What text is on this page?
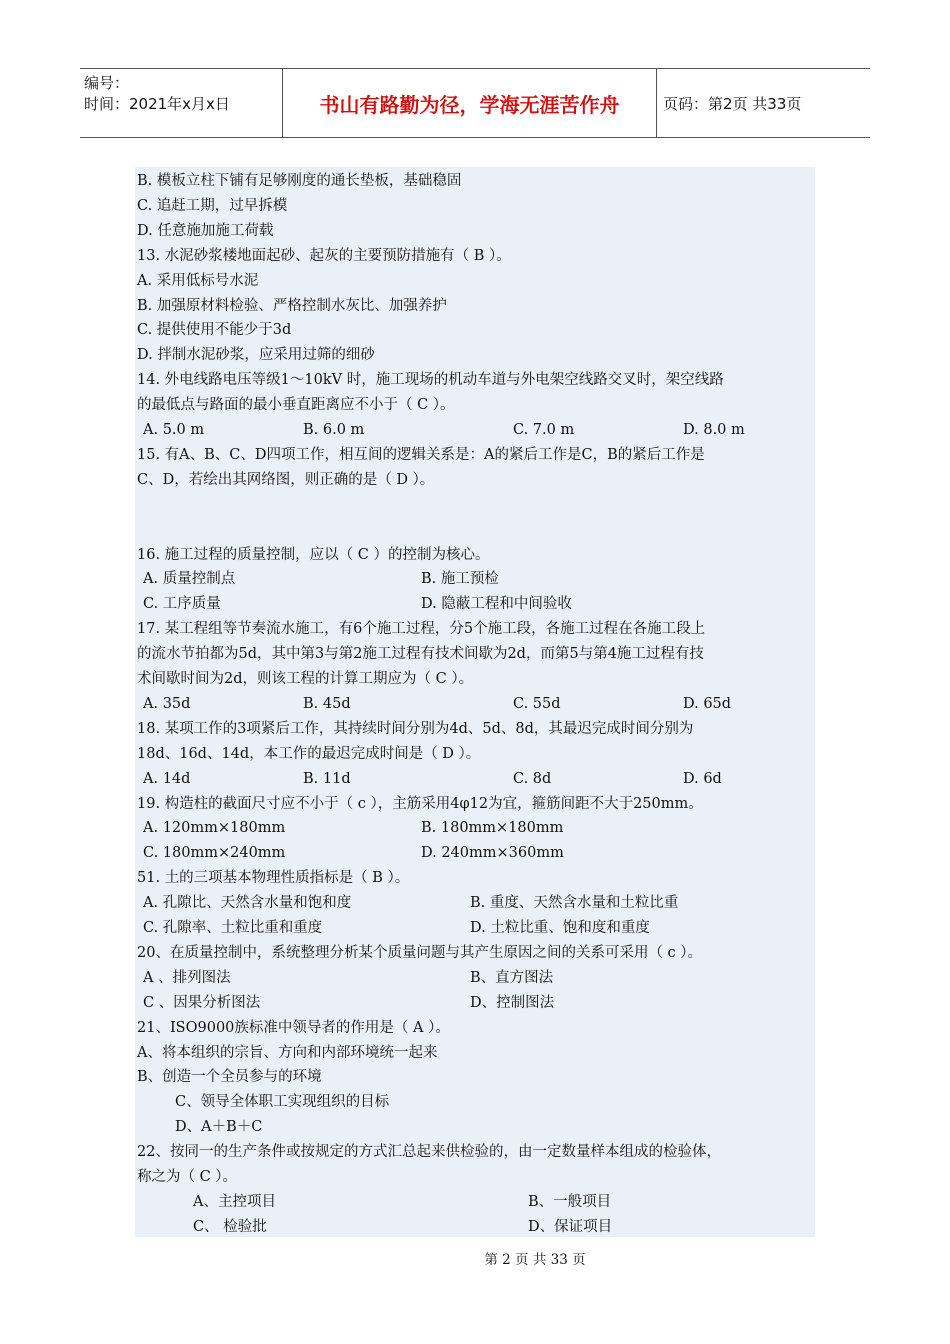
编号：
时间：2021年x月x日	书山有路勤为径，学海无涯苦作舟	页码：第2页 共33页
B. 模板立柱下铺有足够刚度的通长垫板，基础稳固
C. 追赶工期，过早拆模
D. 任意施加施工荷载
13. 水泥砂浆楼地面起砂、起灰的主要预防措施有（ B ）。
A. 采用低标号水泥
B. 加强原材料检验、严格控制水灰比、加强养护
C. 提供使用不能少于3d
D. 拌制水泥砂浆，应采用过筛的细砂
14. 外电线路电压等级1～10kV 时，施工现场的机动车道与外电架空线路交叉时，架空线路
的最低点与路面的最小垂直距离应不小于（ C ）。
A. 5.0 m	B. 6.0 m	C. 7.0 m	D. 8.0 m
15. 有A、B、C、D四项工作，相互间的逻辑关系是：A的紧后工作是C，B的紧后工作是
C、D，若绘出其网络图，则正确的是（ D ）。
16. 施工过程的质量控制，应以（ C ）的控制为核心。
A. 质量控制点	B. 施工预检
C. 工序质量	D. 隐蔽工程和中间验收
17. 某工程组等节奏流水施工，有6个施工过程，分5个施工段，各施工过程在各施工段上
的流水节拍都为5d，其中第3与第2施工过程有技术间歇为2d，而第5与第4施工过程有技
术间歇时间为2d，则该工程的计算工期应为（ C ）。
A. 35d	B. 45d	C. 55d	D. 65d
18. 某项工作的3项紧后工作，其持续时间分别为4d、5d、8d，其最迟完成时间分别为
18d、16d、14d，本工作的最迟完成时间是（ D ）。
A. 14d	B. 11d	C. 8d	D. 6d
19. 构造柱的截面尺寸应不小于（ c ），主筋采用4φ12为宜，箍筋间距不大于250mm。
A. 120mm×180mm	B. 180mm×180mm
C. 180mm×240mm	D. 240mm×360mm
51. 土的三项基本物理性质指标是（ B ）。
A. 孔隙比、天然含水量和饱和度	B. 重度、天然含水量和土粒比重
C. 孔隙率、土粒比重和重度	D. 土粒比重、饱和度和重度
20、在质量控制中，系统整理分析某个质量问题与其产生原因之间的关系可采用（ c ）。
A 、排列图法	B、直方图法
C 、因果分析图法	D、控制图法
21、ISO9000族标准中领导者的作用是（ A ）。
A、将本组织的宗旨、方向和内部环境统一起来
B、创造一个全员参与的环境
C、领导全体职工实现组织的目标
D、A＋B＋C
22、按同一的生产条件或按规定的方式汇总起来供检验的，由一定数量样本组成的检验体，
称之为（ C ）。
A、主控项目	B、一般项目
C、 检验批	D、保证项目
第 2 页 共 33 页
